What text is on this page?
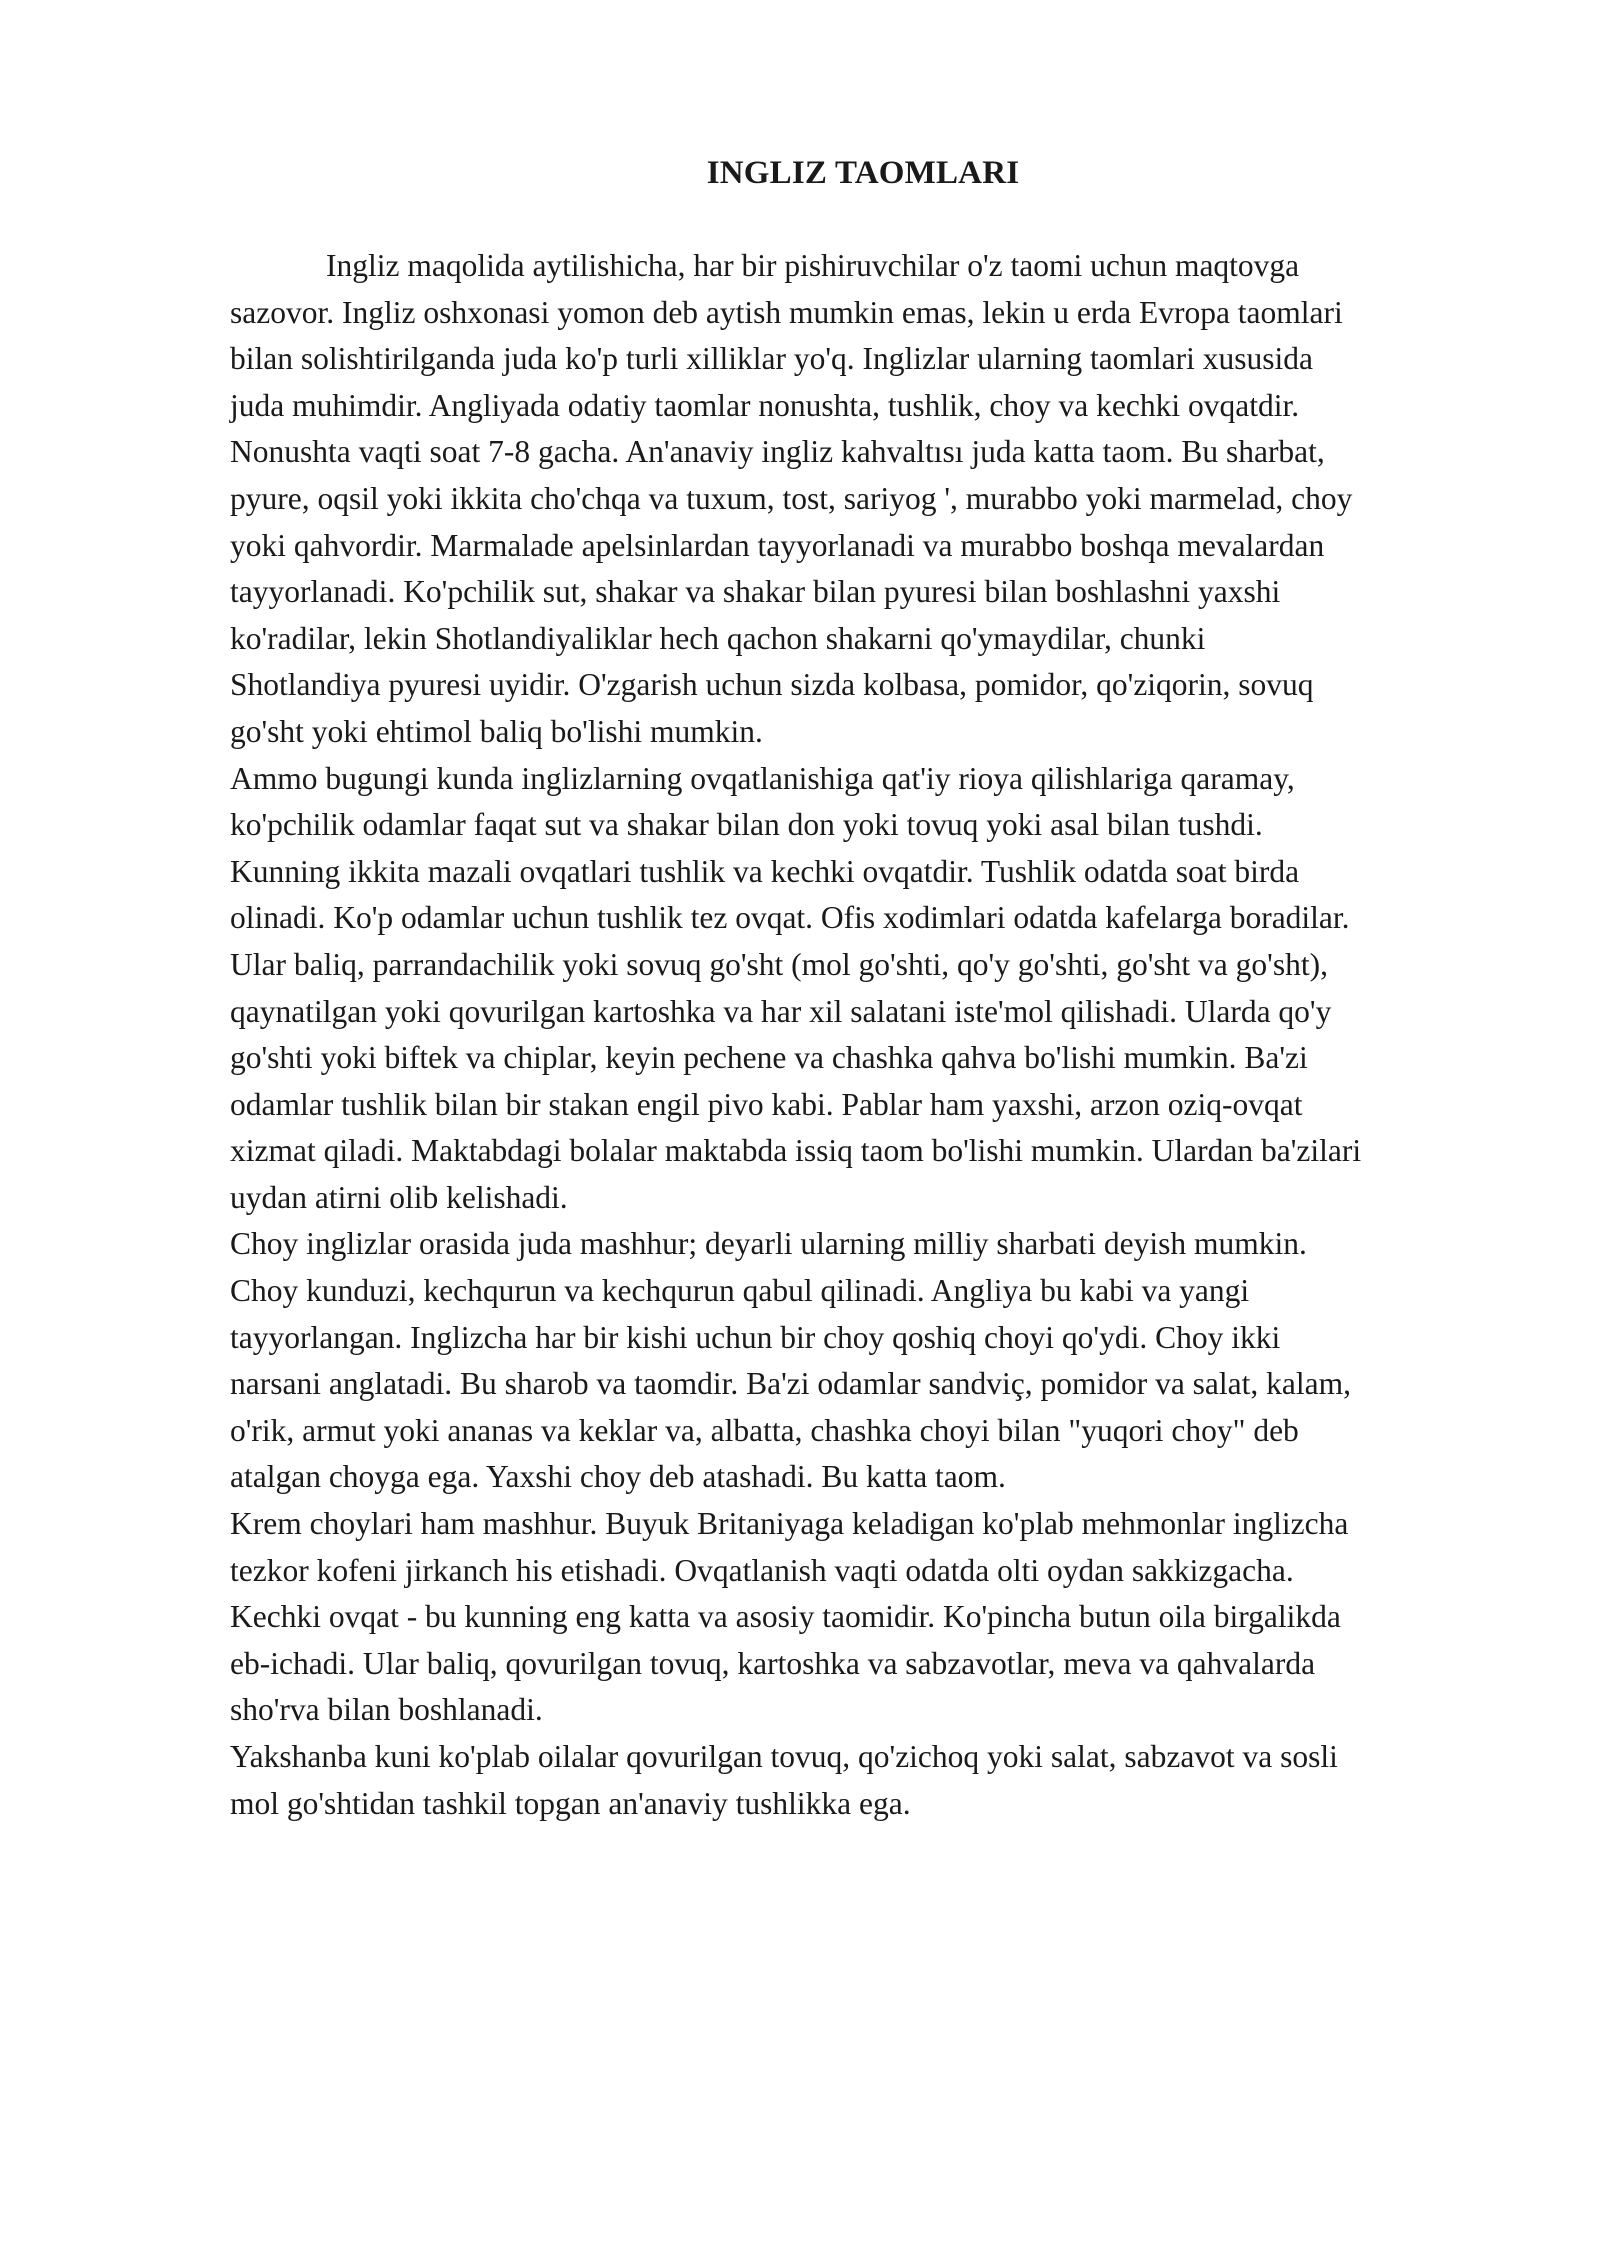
INGLIZ TAOMLARI
Ingliz maqolida aytilishicha, har bir pishiruvchilar o'z taomi uchun maqtovga
sazovor. Ingliz oshxonasi yomon deb aytish mumkin emas, lekin u erda Evropa taomlari
bilan solishtirilganda juda ko'p turli xilliklar yo'q. Inglizlar ularning taomlari xususida
juda muhimdir. Angliyada odatiy taomlar nonushta, tushlik, choy va kechki ovqatdir.
Nonushta vaqti soat 7-8 gacha. An'anaviy ingliz kahvaltısı juda katta taom. Bu sharbat,
pyure, oqsil yoki ikkita cho'chqa va tuxum, tost, sariyog ', murabbo yoki marmelad, choy
yoki qahvordir. Marmalade apelsinlardan tayyorlanadi va murabbo boshqa mevalardan
tayyorlanadi. Ko'pchilik sut, shakar va shakar bilan pyuresi bilan boshlashni yaxshi
ko'radilar, lekin Shotlandiyaliklar hech qachon shakarni qo'ymaydilar, chunki
Shotlandiya pyuresi uyidir. O'zgarish uchun sizda kolbasa, pomidor, qo'ziqorin, sovuq
go'sht yoki ehtimol baliq bo'lishi mumkin.
Ammo bugungi kunda inglizlarning ovqatlanishiga qat'iy rioya qilishlariga qaramay,
ko'pchilik odamlar faqat sut va shakar bilan don yoki tovuq yoki asal bilan tushdi.
Kunning ikkita mazali ovqatlari tushlik va kechki ovqatdir. Tushlik odatda soat birda
olinadi. Ko'p odamlar uchun tushlik tez ovqat. Ofis xodimlari odatda kafelarga boradilar.
Ular baliq, parrandachilik yoki sovuq go'sht (mol go'shti, qo'y go'shti, go'sht va go'sht),
qaynatilgan yoki qovurilgan kartoshka va har xil salatani iste'mol qilishadi. Ularda qo'y
go'shti yoki biftek va chiplar, keyin pechene va chashka qahva bo'lishi mumkin. Ba'zi
odamlar tushlik bilan bir stakan engil pivo kabi. Pablar ham yaxshi, arzon oziq-ovqat
xizmat qiladi. Maktabdagi bolalar maktabda issiq taom bo'lishi mumkin. Ulardan ba'zilari
uydan atirni olib kelishadi.
Choy inglizlar orasida juda mashhur; deyarli ularning milliy sharbati deyish mumkin.
Choy kunduzi, kechqurun va kechqurun qabul qilinadi. Angliya bu kabi va yangi
tayyorlangan. Inglizcha har bir kishi uchun bir choy qoshiq choyi qo'ydi. Choy ikki
narsani anglatadi. Bu sharob va taomdir. Ba'zi odamlar sandviç, pomidor va salat, kalam,
o'rik, armut yoki ananas va keklar va, albatta, chashka choyi bilan "yuqori choy" deb
atalgan choyga ega. Yaxshi choy deb atashadi. Bu katta taom.
Krem choylari ham mashhur. Buyuk Britaniyaga keladigan ko'plab mehmonlar inglizcha
tezkor kofeni jirkanch his etishadi. Ovqatlanish vaqti odatda olti oydan sakkizgacha.
Kechki ovqat - bu kunning eng katta va asosiy taomidir. Ko'pincha butun oila birgalikda
eb-ichadi. Ular baliq, qovurilgan tovuq, kartoshka va sabzavotlar, meva va qahvalarda
sho'rva bilan boshlanadi.
Yakshanba kuni ko'plab oilalar qovurilgan tovuq, qo'zichoq yoki salat, sabzavot va sosli
mol go'shtidan tashkil topgan an'anaviy tushlikka ega.
